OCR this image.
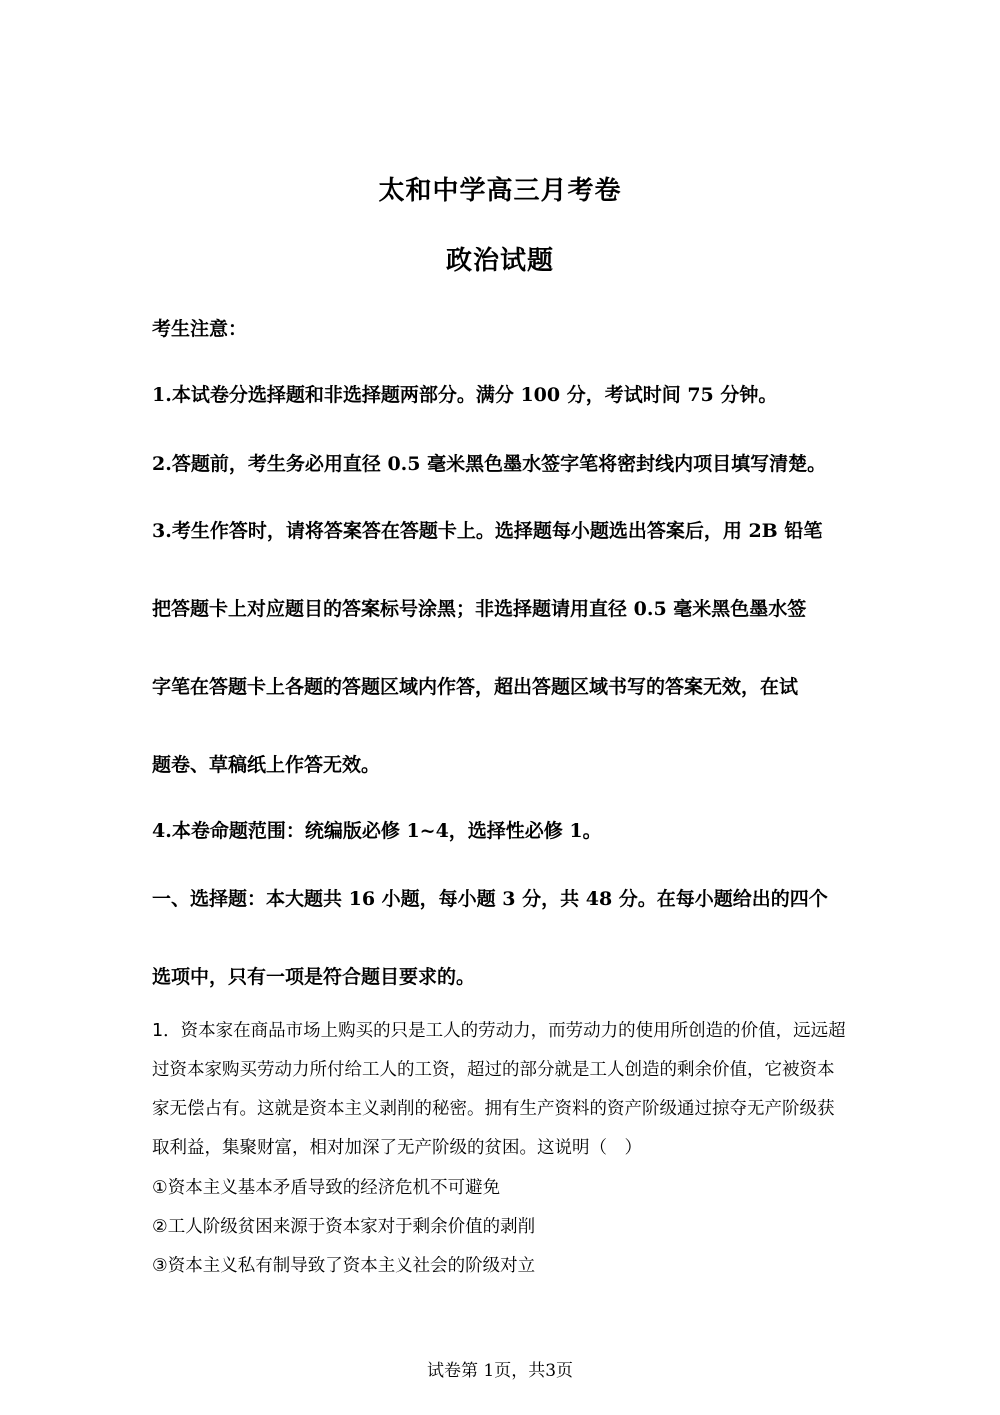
太和中学高三月考卷
政治试题
考生注意：
1.本试卷分选择题和非选择题两部分。满分 100 分，考试时间 75 分钟。
2.答题前，考生务必用直径 0.5 毫米黑色墨水签字笔将密封线内项目填写清楚。
3.考生作答时，请将答案答在答题卡上。选择题每小题选出答案后，用 2B 铅笔
把答题卡上对应题目的答案标号涂黑；非选择题请用直径 0.5 毫米黑色墨水签
字笔在答题卡上各题的答题区域内作答，超出答题区域书写的答案无效，在试
题卷、草稿纸上作答无效。
4.本卷命题范围：统编版必修 1~4，选择性必修 1。
一、选择题：本大题共 16 小题，每小题 3 分，共 48 分。在每小题给出的四个
选项中，只有一项是符合题目要求的。
1．资本家在商品市场上购买的只是工人的劳动力，而劳动力的使用所创造的价值，远远超
过资本家购买劳动力所付给工人的工资，超过的部分就是工人创造的剩余价值，它被资本
家无偿占有。这就是资本主义剥削的秘密。拥有生产资料的资产阶级通过掠夺无产阶级获
取利益，集聚财富，相对加深了无产阶级的贫困。这说明（　）
①资本主义基本矛盾导致的经济危机不可避免
②工人阶级贫困来源于资本家对于剩余价值的剥削
③资本主义私有制导致了资本主义社会的阶级对立
试卷第 1页，共3页
